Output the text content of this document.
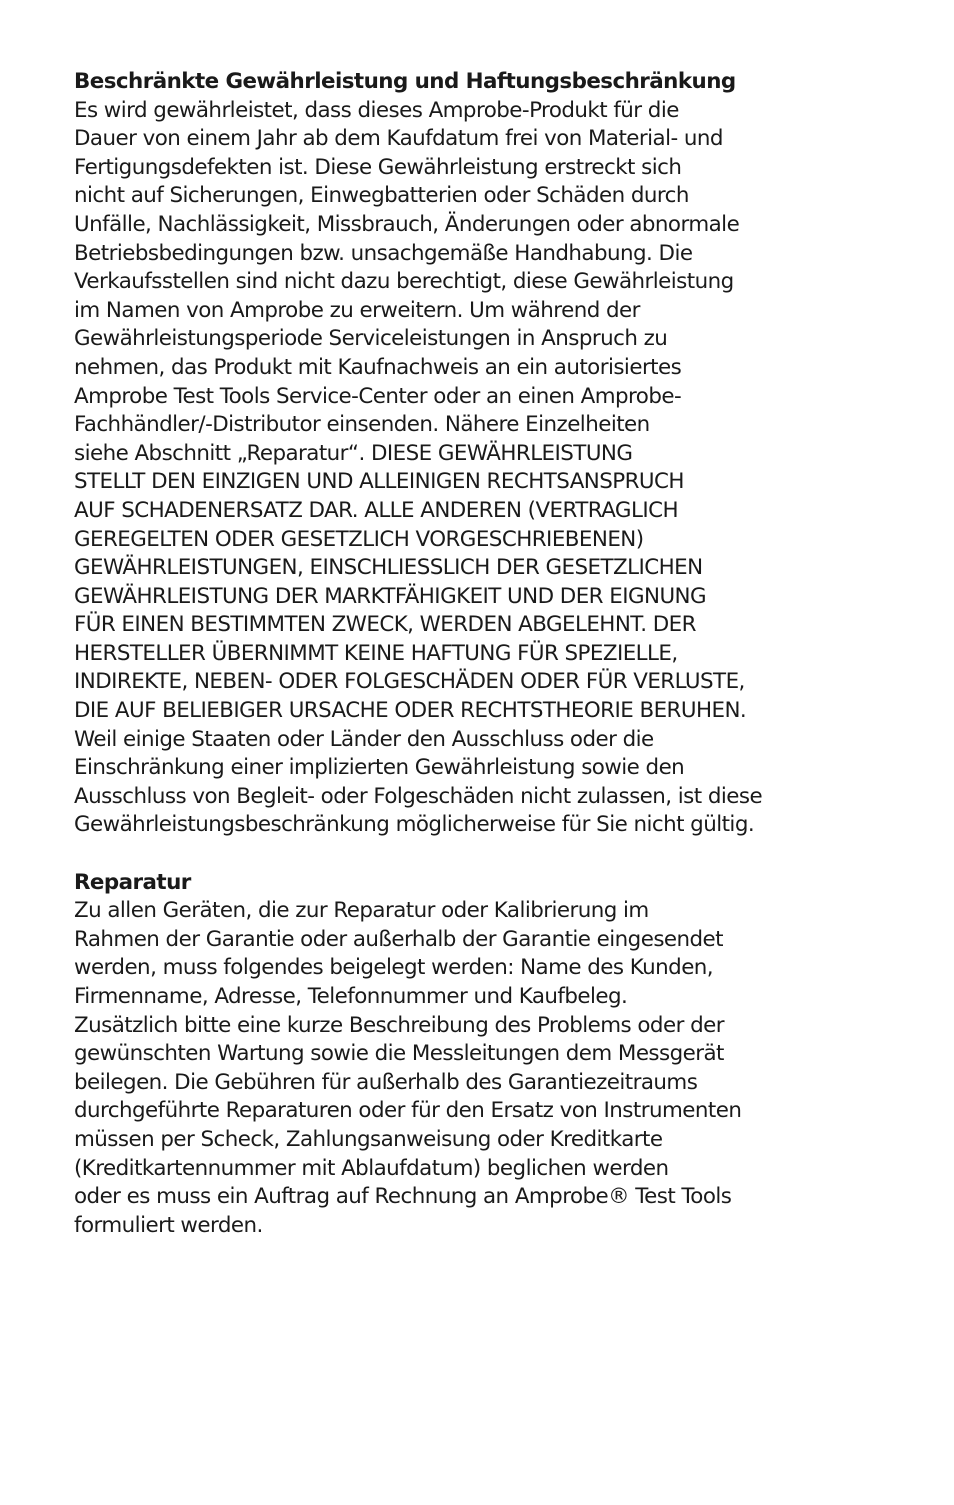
Beschränkte Gewährleistung und Haftungsbeschränkung
Es wird gewährleistet, dass dieses Amprobe-Produkt für die
Dauer von einem Jahr ab dem Kaufdatum frei von Material- und
Fertigungsdefekten ist. Diese Gewährleistung erstreckt sich
nicht auf Sicherungen, Einwegbatterien oder Schäden durch
Unfälle, Nachlässigkeit, Missbrauch, Änderungen oder abnormale
Betriebsbedingungen bzw. unsachgemäße Handhabung. Die
Verkaufsstellen sind nicht dazu berechtigt, diese Gewährleistung
im Namen von Amprobe zu erweitern. Um während der
Gewährleistungsperiode Serviceleistungen in Anspruch zu
nehmen, das Produkt mit Kaufnachweis an ein autorisiertes
Amprobe Test Tools Service-Center oder an einen Amprobe-
Fachhändler/-Distributor einsenden. Nähere Einzelheiten
siehe Abschnitt „Reparatur“. DIESE GEWÄHRLEISTUNG
STELLT DEN EINZIGEN UND ALLEINIGEN RECHTSANSPRUCH
AUF SCHADENERSATZ DAR. ALLE ANDEREN (VERTRAGLICH
GEREGELTEN ODER GESETZLICH VORGESCHRIEBENEN)
GEWÄHRLEISTUNGEN, EINSCHLIESSLICH DER GESETZLICHEN
GEWÄHRLEISTUNG DER MARKTFÄHIGKEIT UND DER EIGNUNG
FÜR EINEN BESTIMMTEN ZWECK, WERDEN ABGELEHNT. DER
HERSTELLER ÜBERNIMMT KEINE HAFTUNG FÜR SPEZIELLE,
INDIREKTE, NEBEN- ODER FOLGESCHÄDEN ODER FÜR VERLUSTE,
DIE AUF BELIEBIGER URSACHE ODER RECHTSTHEORIE BERUHEN.
Weil einige Staaten oder Länder den Ausschluss oder die
Einschränkung einer implizierten Gewährleistung sowie den
Ausschluss von Begleit- oder Folgeschäden nicht zulassen, ist diese
Gewährleistungsbeschränkung möglicherweise für Sie nicht gültig.
Reparatur
Zu allen Geräten, die zur Reparatur oder Kalibrierung im
Rahmen der Garantie oder außerhalb der Garantie eingesendet
werden, muss folgendes beigelegt werden: Name des Kunden,
Firmenname, Adresse, Telefonnummer und Kaufbeleg.
Zusätzlich bitte eine kurze Beschreibung des Problems oder der
gewünschten Wartung sowie die Messleitungen dem Messgerät
beilegen. Die Gebühren für außerhalb des Garantiezeitraums
durchgeführte Reparaturen oder für den Ersatz von Instrumenten
müssen per Scheck, Zahlungsanweisung oder Kreditkarte
(Kreditkartennummer mit Ablaufdatum) beglichen werden
oder es muss ein Auftrag auf Rechnung an Amprobe® Test Tools
formuliert werden.
